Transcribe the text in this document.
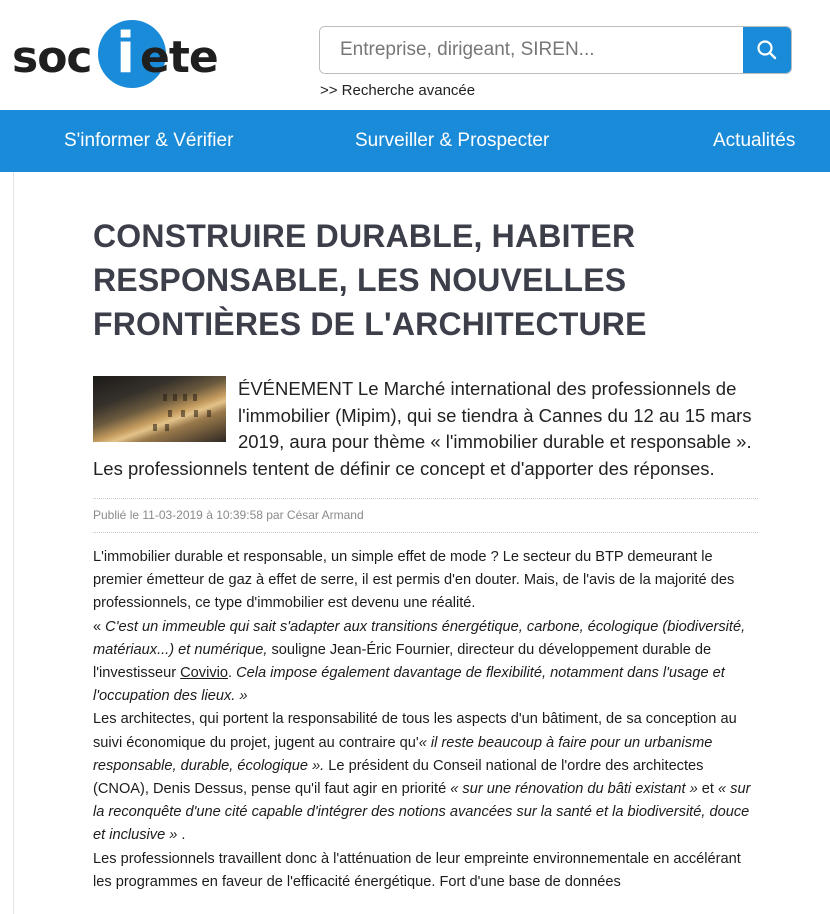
soc i ete
Entreprise, dirigeant, SIREN...
>> Recherche avancée
S'informer & Vérifier	Surveiller & Prospecter	Actualités
CONSTRUIRE DURABLE, HABITER RESPONSABLE, LES NOUVELLES FRONTIÈRES DE L'ARCHITECTURE
ÉVÉNEMENT Le Marché international des professionnels de l'immobilier (Mipim), qui se tiendra à Cannes du 12 au 15 mars 2019, aura pour thème « l'immobilier durable et responsable ». Les professionnels tentent de définir ce concept et d'apporter des réponses.
Publié le 11-03-2019 à 10:39:58 par César Armand

L'immobilier durable et responsable, un simple effet de mode ? Le secteur du BTP demeurant le premier émetteur de gaz à effet de serre, il est permis d'en douter. Mais, de l'avis de la majorité des professionnels, ce type d'immobilier est devenu une réalité.

« C'est un immeuble qui sait s'adapter aux transitions énergétique, carbone, écologique (biodiversité, matériaux...) et numérique, souligne Jean-Éric Fournier, directeur du développement durable de l'investisseur Covivio. Cela impose également davantage de flexibilité, notamment dans l'usage et l'occupation des lieux. »

Les architectes, qui portent la responsabilité de tous les aspects d'un bâtiment, de sa conception au suivi économique du projet, jugent au contraire qu'« il reste beaucoup à faire pour un urbanisme responsable, durable, écologique ». Le président du Conseil national de l'ordre des architectes (CNOA), Denis Dessus, pense qu'il faut agir en priorité « sur une rénovation du bâti existant » et « sur la reconquête d'une cité capable d'intégrer des notions avancées sur la santé et la biodiversité, douce et inclusive » .

Les professionnels travaillent donc à l'atténuation de leur empreinte environnementale en accélérant les programmes en faveur de l'efficacité énergétique. Fort d'une base de données
